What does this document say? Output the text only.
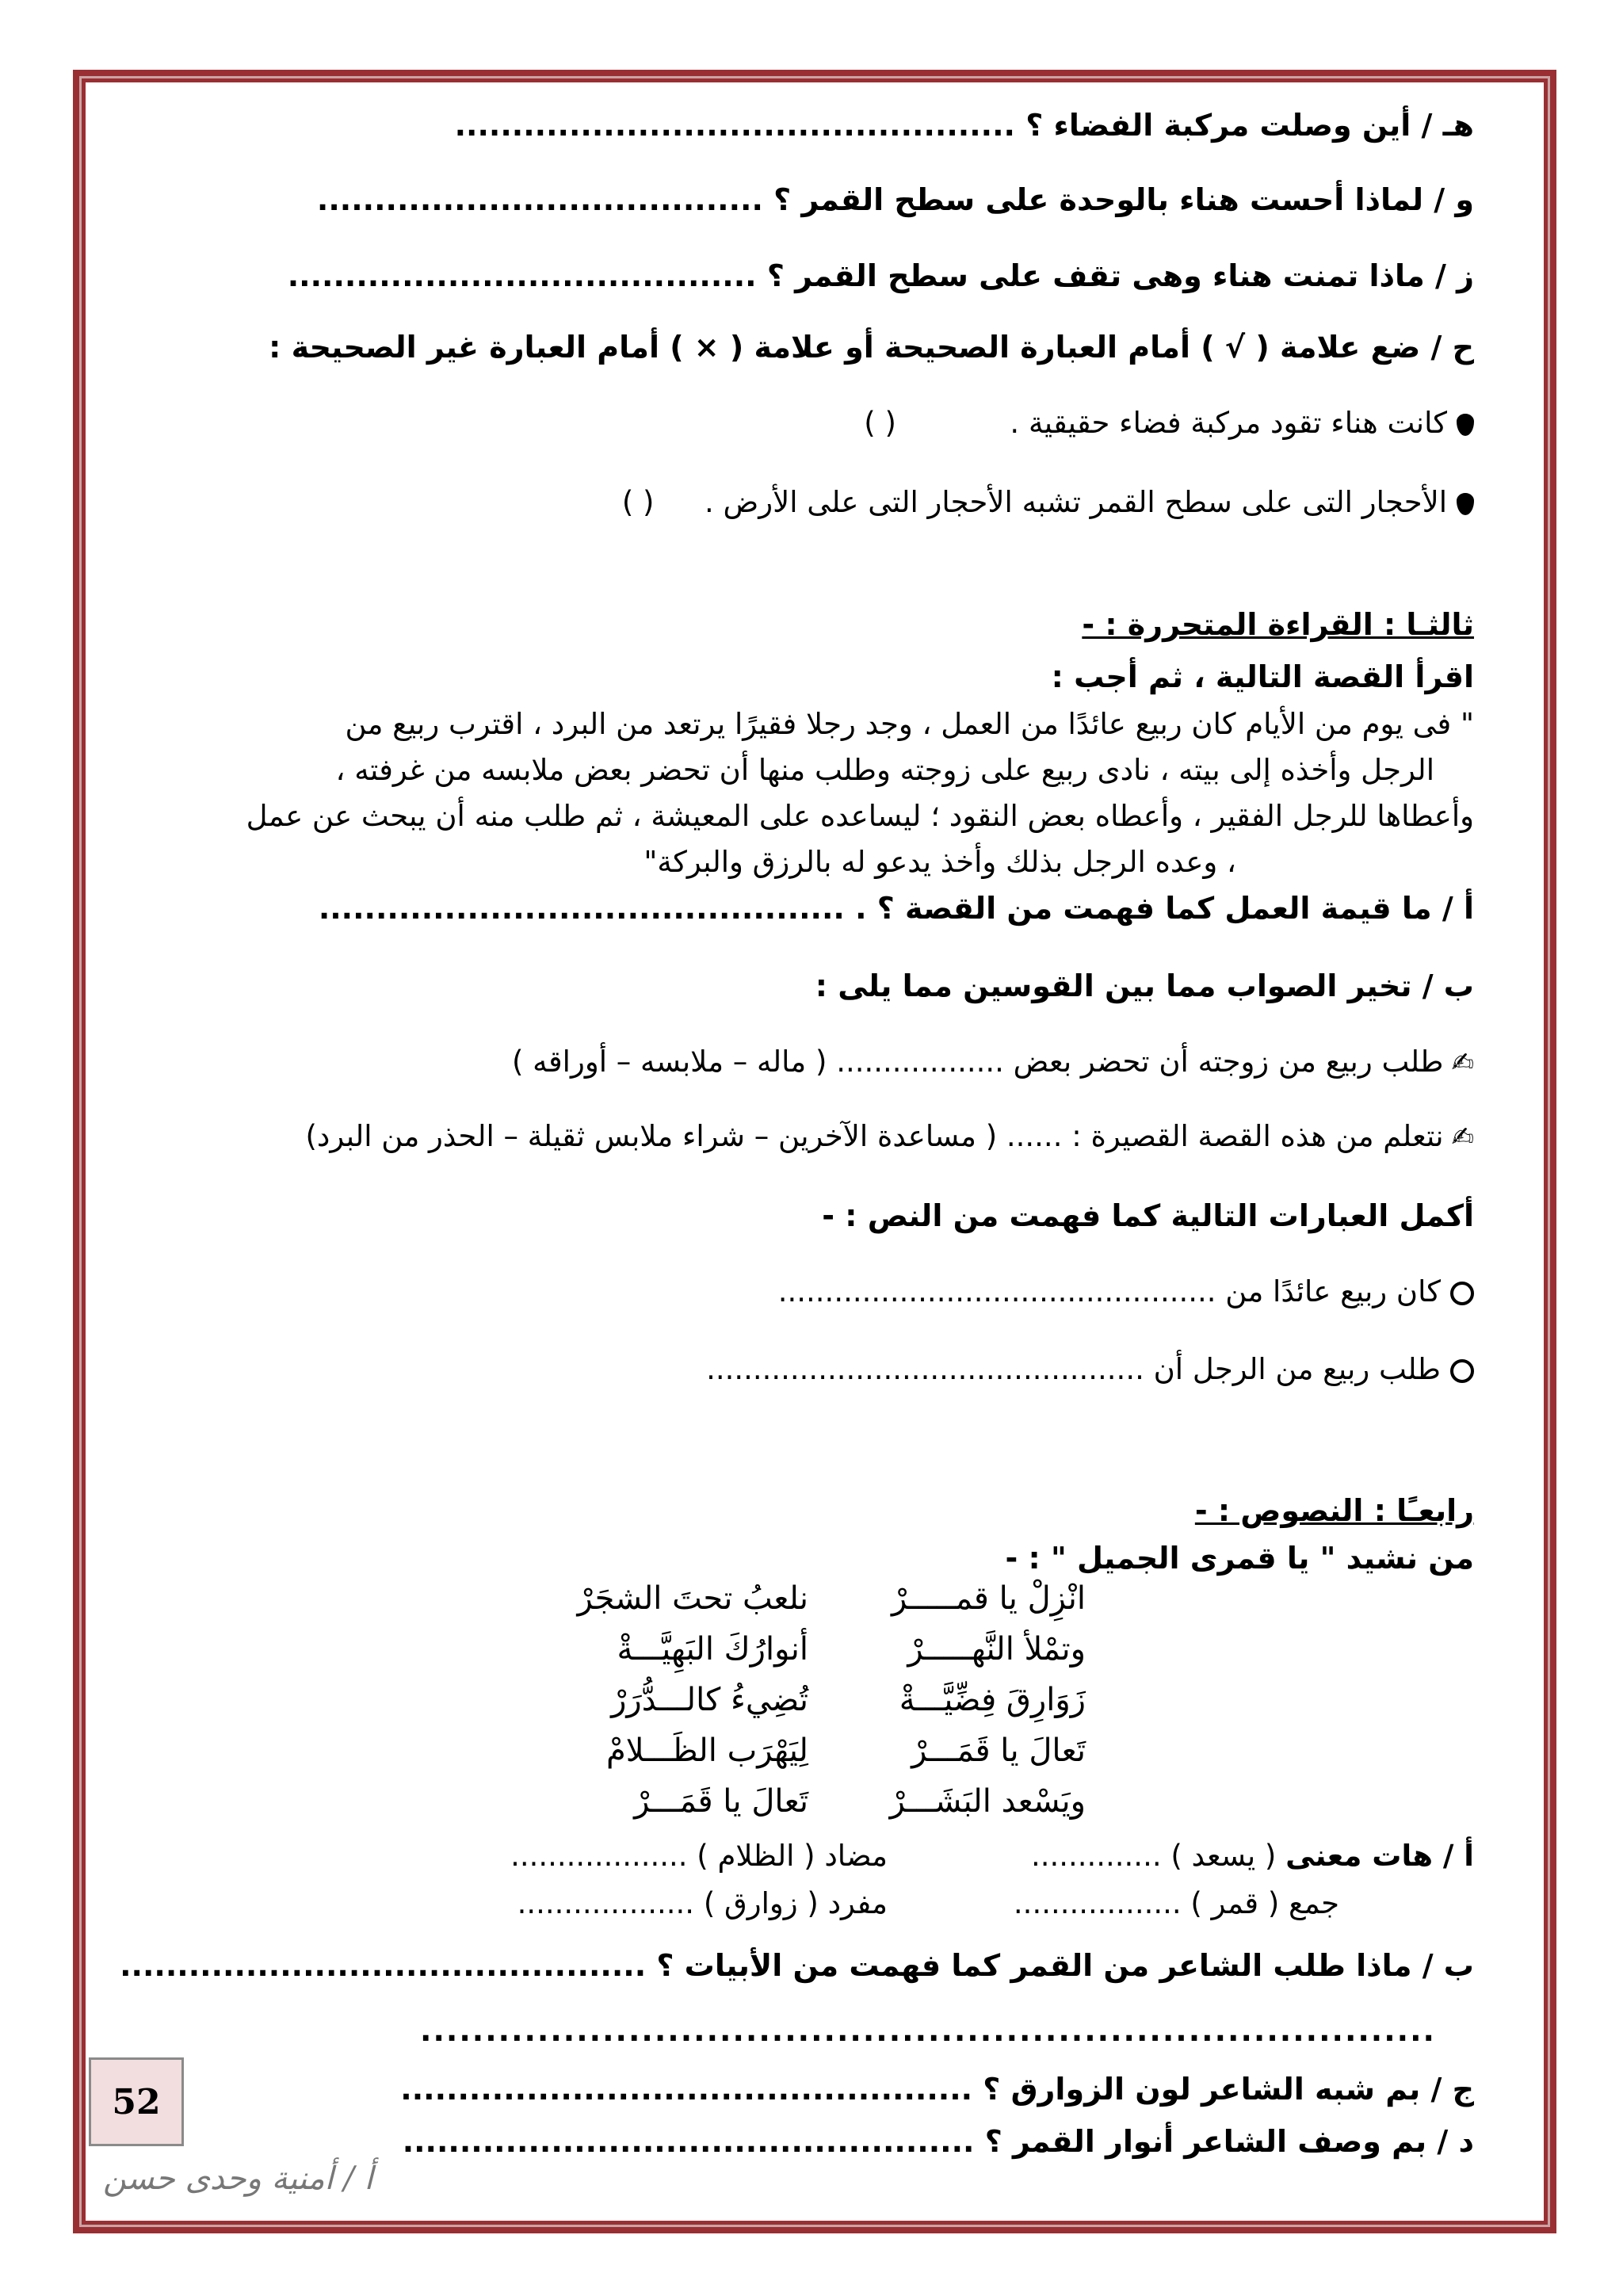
هـ / أين وصلت مركبة الفضاء ؟ .................................................
و / لماذا أحست هناء بالوحدة على سطح القمر ؟ .......................................
ز / ماذا تمنت هناء وهى تقف على سطح القمر ؟ .........................................
ح / ضع علامة ( √ ) أمام العبارة الصحيحة أو علامة ( × ) أمام العبارة غير الصحيحة :
كانت هناء تقود مركبة فضاء حقيقية .  ( )
الأحجار التى على سطح القمر تشبه الأحجار التى على الأرض .  ( )
ثالثـا : القراءة المتحررة : -
اقرأ القصة التالية ، ثم أجب :
" فى يوم من الأيام كان ربيع عائدًا من العمل ، وجد رجلا فقيرًا يرتعد من البرد ، اقترب ربيع من
الرجل وأخذه إلى بيته ، نادى ربيع على زوجته وطلب منها أن تحضر بعض ملابسه من غرفته ،
وأعطاها للرجل الفقير ، وأعطاه بعض النقود ؛ ليساعده على المعيشة ، ثم طلب منه أن يبحث عن عمل
، وعده الرجل بذلك وأخذ يدعو له بالرزق والبركة"
أ / ما قيمة العمل كما فهمت من القصة ؟ . ..............................................
ب / تخير الصواب مما بين القوسين مما يلى :
✍طلب ربيع من زوجته أن تحضر بعض .................. ( ماله – ملابسه – أوراقه )
✍نتعلم من هذه القصة القصيرة : ...... ( مساعدة الآخرين – شراء ملابس ثقيلة – الحذر من البرد)
أكمل العبارات التالية كما فهمت من النص : -
كان ربيع عائدًا من ...............................................
طلب ربيع من الرجل أن ...............................................
رابعـًا : النصوص : -
من نشيد " يا قمرى الجميل " : -
انْزِلْ يا قمـــــرْ
نلعبُ تحتَ الشجَرْ
وتمْلأ النَّهـــــرْ
أنوارُكَ البَهِيَّـــةْ
زَوَارِقَ فِضِّيَّـــةْ
تُضِيءُ كالـــدُّرَرْ
تَعالَ يا قَمَـــرْ
لِيَهْرَب الظَـــلامْ
ويَسْعد البَشَـــرْ
تَعالَ يا قَمَـــرْ
أ / هات معنى ( يسعد ) ..............
مضاد ( الظلام ) ...................
جمع ( قمر ) ..................
مفرد ( زوارق ) ...................
ب / ماذا طلب الشاعر من القمر كما فهمت من الأبيات ؟ ..............................................
..............................................................................
ج / بم شبه الشاعر لون الزوارق ؟ ..................................................
د / بم وصف الشاعر أنوار القمر ؟ ..................................................
52
أ / أمنية وحدى حسن
